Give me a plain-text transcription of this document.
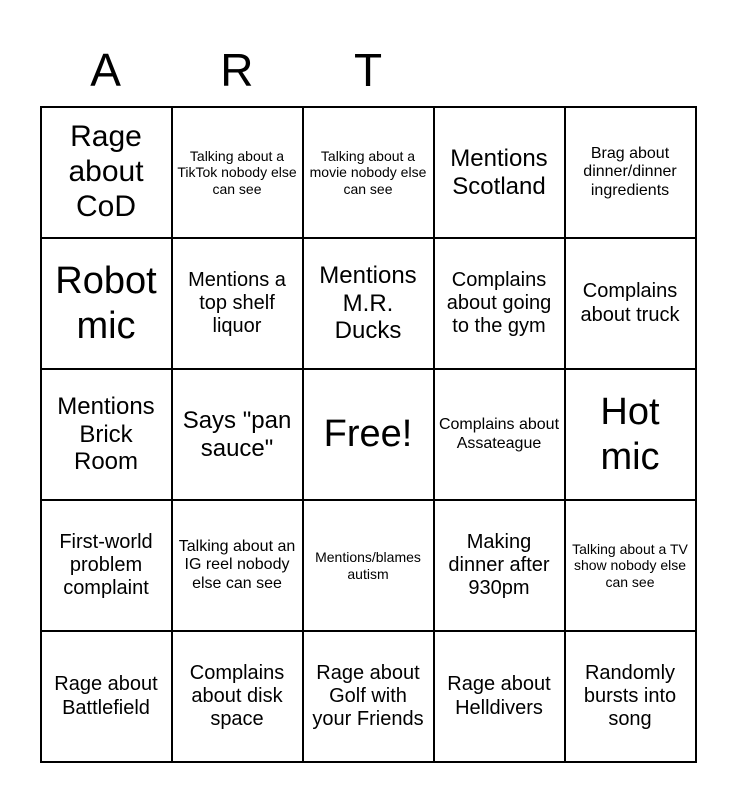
A	R	T
Rage about CoD	Talking about a TikTok nobody else can see	Talking about a movie nobody else can see	Mentions Scotland	Brag about dinner/dinner ingredients

Robot mic	Mentions a top shelf liquor	Mentions M.R. Ducks	Complains about going to the gym	Complains about truck

Mentions Brick Room	Says "pan sauce"	Free!	Complains about Assateague	Hot mic

First-world problem complaint	Talking about an IG reel nobody else can see	Mentions/blames autism	Making dinner after 930pm	Talking about a TV show nobody else can see

Rage about Battlefield	Complains about disk space	Rage about Golf with your Friends	Rage about Helldivers	Randomly bursts into song
